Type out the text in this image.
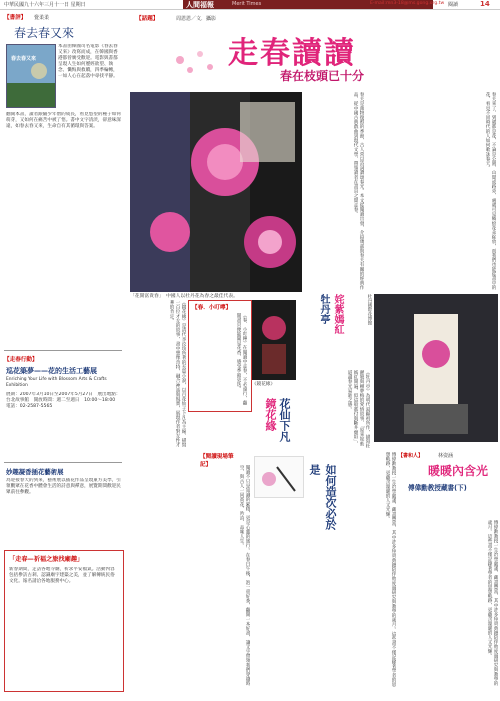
中華民國九十六年三月十一日 星期日	人間福報	Merit Times	E-mail:mn3-18@ms.gong.org.tw 閱讀	14
【書評】	覺柔柔
春去春又來
春去春又來
本書由韓國司名電影《春去春又來》改寫而成，在韓國與香港都曾廣受歡迎。電影與書都呈現人生如何歷經欲望、執念、懺悔與救贖，四季輪轉，一如人心在起落中尋找平靜。
翻開本書，讀者跟隨少年僧的成長，看見慾望的種子如何萌芽，又如何在痛苦中被了悟。書中文字清淡，卻意味深遠，如春去春又來，生命自有其循環與答案。
【走春行動】
巡花築夢——花的生活工藝展
Enriching Your Life with Blossom Arts & Crafts Exhibition
展期：2007年3月10日至2007年5月27日　展出地點：台北故事館　開放時間：週二至週日　10:00～18:00　電話：02-2587-5565
妙趣凝香插花藝術展
為迎接春天的到來，藝術展以插花作品呈現東方美學，引領觀眾在花香中體會生活的詩意與禪意，展覽期間歡迎民眾前往參觀。
「走春—祈福之旅找廟趣」
新春期間，走訪各地寺廟，祈求平安福氣。活動內容包括參訪古剎、認識廟宇建築之美，並了解傳統民俗文化。報名請洽各地服務中心。
【話題】	周恩恩／文．攝影
走春讀讀
春在枝頭已十分
「花開富貴春」　中國人以杜丹花為春之最佳代表。
春天是萬物復甦的季節，古人常以詩詞讚頌春光。本文從閱讀出發，介紹幾部與春天有關的經典作品，從中國古典戲曲到現代文學，帶領讀者在書頁之間走春。	春天來了，到處都是花，不論是公園、山間或路旁，處處可見繽紛花朵綻放，而我們也能從書中的花，看見不同時代的人如何歌詠春天。
【春．小叮嚀】
《春．小叮嚀》在閱讀中走春，不必遠行，翻開書頁便能聞見花香，感受季節更迭。
《鏡花緣》是清代李汝珍所著的長篇小說，以百花仙子下凡為主線，描寫一百位才女的故事，書中想像奇特，融合神話與現實，展現作者對女性才華的肯定。
《鏡花緣》
花仙下凡
鏡花緣
姹紫嫣紅
牡丹亭
《牡丹亭》為明代湯顯祖所作，描寫杜麗娘與柳夢梅的愛情故事，「原來姹紫嫣紅開遍，似這般都付與斷井頹垣」，道盡春光易逝之感。
杜丹國際花博館
【閱讀現場筆記】	如何造次必於是
閱讀不只是知識的累積，更是心靈的旅行。在春日午後，泡一壺好茶，翻開一本好書，讓文字帶領我們穿越時空，與古人一同賞花、吟詩、品味人生。
【書和人】	林姿涵
暖暖內含光
傅偉勳教授藏書(下)
傅偉勳教授一生治學嚴謹，藏書豐富，其中許多珍貴典籍陪伴他度過研究與教學的歲月。這些書不僅記錄著學者的思想軌跡，更蘊含溫暖的人文光輝。
傅偉勳教授一生治學嚴謹，藏書豐富，其中許多珍貴典籍陪伴他度過研究與教學的歲月。這些書不僅記錄著學者的思想軌跡，更蘊含溫暖的人文光輝。
